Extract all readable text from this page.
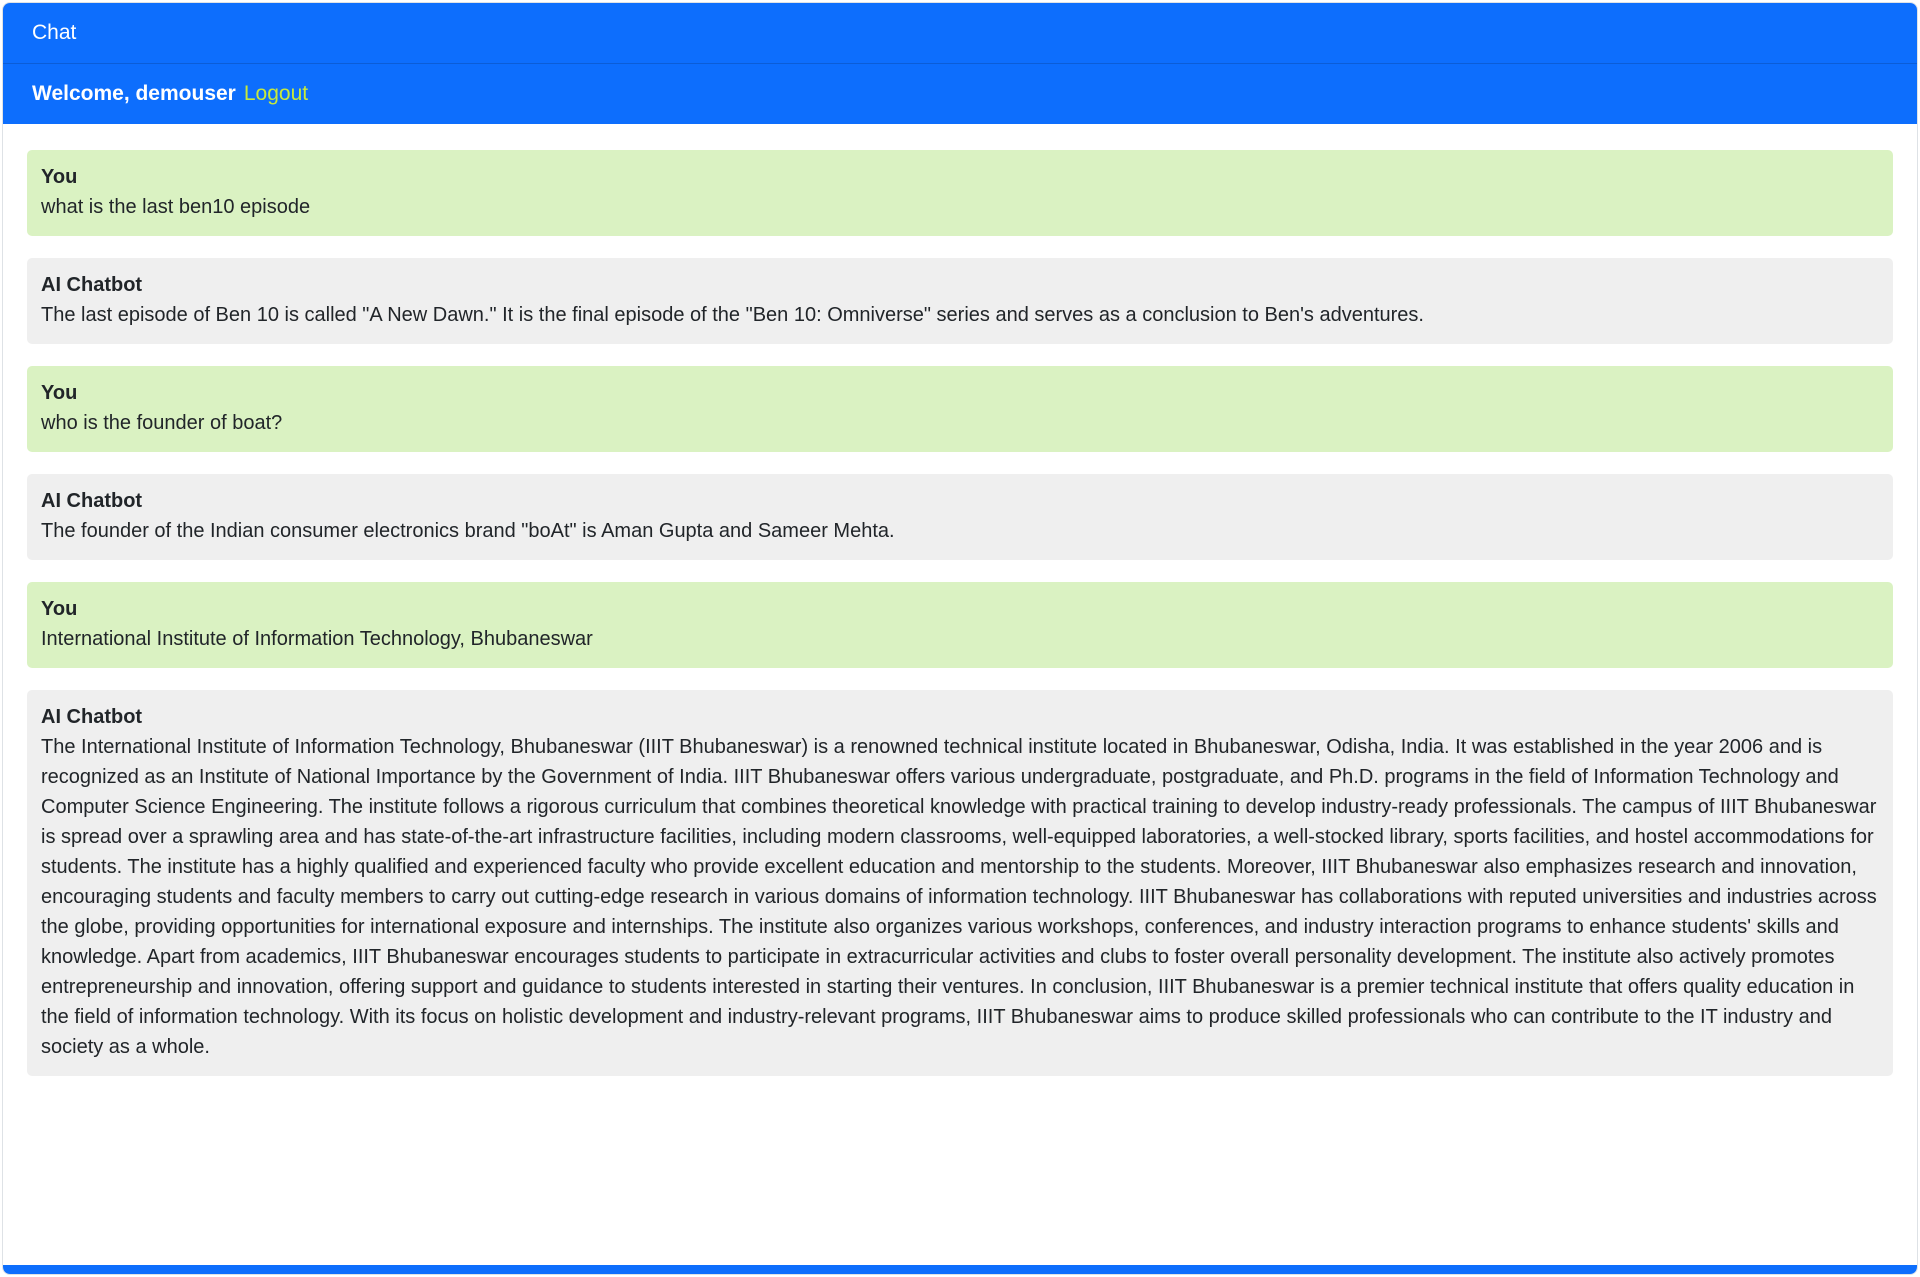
Chat
Welcome, demouser Logout
You
what is the last ben10 episode
AI Chatbot
The last episode of Ben 10 is called "A New Dawn." It is the final episode of the "Ben 10: Omniverse" series and serves as a conclusion to Ben's adventures.
You
who is the founder of boat?
AI Chatbot
The founder of the Indian consumer electronics brand "boAt" is Aman Gupta and Sameer Mehta.
You
International Institute of Information Technology, Bhubaneswar
AI Chatbot
The International Institute of Information Technology, Bhubaneswar (IIIT Bhubaneswar) is a renowned technical institute located in Bhubaneswar, Odisha, India. It was established in the year 2006 and is recognized as an Institute of National Importance by the Government of India. IIIT Bhubaneswar offers various undergraduate, postgraduate, and Ph.D. programs in the field of Information Technology and Computer Science Engineering. The institute follows a rigorous curriculum that combines theoretical knowledge with practical training to develop industry-ready professionals. The campus of IIIT Bhubaneswar is spread over a sprawling area and has state-of-the-art infrastructure facilities, including modern classrooms, well-equipped laboratories, a well-stocked library, sports facilities, and hostel accommodations for students. The institute has a highly qualified and experienced faculty who provide excellent education and mentorship to the students. Moreover, IIIT Bhubaneswar also emphasizes research and innovation, encouraging students and faculty members to carry out cutting-edge research in various domains of information technology. IIIT Bhubaneswar has collaborations with reputed universities and industries across the globe, providing opportunities for international exposure and internships. The institute also organizes various workshops, conferences, and industry interaction programs to enhance students' skills and knowledge. Apart from academics, IIIT Bhubaneswar encourages students to participate in extracurricular activities and clubs to foster overall personality development. The institute also actively promotes entrepreneurship and innovation, offering support and guidance to students interested in starting their ventures. In conclusion, IIIT Bhubaneswar is a premier technical institute that offers quality education in the field of information technology. With its focus on holistic development and industry-relevant programs, IIIT Bhubaneswar aims to produce skilled professionals who can contribute to the IT industry and society as a whole.
